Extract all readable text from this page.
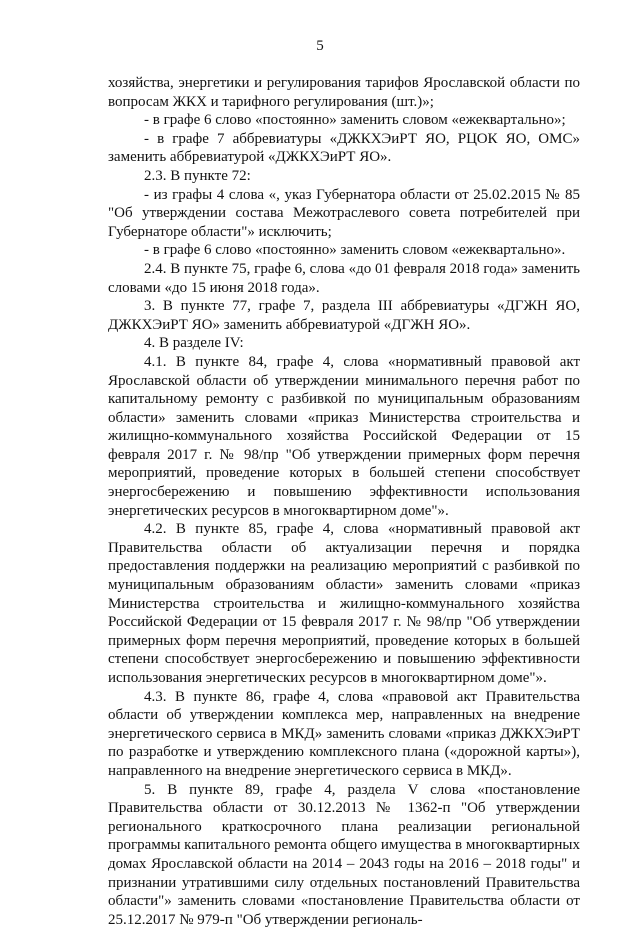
5

хозяйства, энергетики и регулирования тарифов Ярославской области по вопросам ЖКХ и тарифного регулирования (шт.)»;

- в графе 6 слово «постоянно» заменить словом «ежеквартально»;

- в графе 7 аббревиатуры «ДЖКХЭиРТ ЯО, РЦОК ЯО, ОМС» заменить аббревиатурой «ДЖКХЭиРТ ЯО».

2.3. В пункте 72:

- из графы 4 слова «, указ Губернатора области от 25.02.2015 № 85 "Об утверждении состава Межотраслевого совета потребителей при Губернаторе области"» исключить;

- в графе 6 слово «постоянно» заменить словом «ежеквартально».

2.4. В пункте 75, графе 6, слова «до 01 февраля 2018 года» заменить словами «до 15 июня 2018 года».

3. В пункте 77, графе 7, раздела III аббревиатуры «ДГЖН ЯО, ДЖКХЭиРТ ЯО» заменить аббревиатурой «ДГЖН ЯО».

4. В разделе IV:

4.1. В пункте 84, графе 4, слова «нормативный правовой акт Ярославской области об утверждении минимального перечня работ по капитальному ремонту с разбивкой по муниципальным образованиям области» заменить словами «приказ Министерства строительства и жилищно-коммунального хозяйства Российской Федерации от 15 февраля 2017 г. № 98/пр "Об утверждении примерных форм перечня мероприятий, проведение которых в большей степени способствует энергосбережению и повышению эффективности использования энергетических ресурсов в многоквартирном доме"».

4.2. В пункте 85, графе 4, слова «нормативный правовой акт Правительства области об актуализации перечня и порядка предоставления поддержки на реализацию мероприятий с разбивкой по муниципальным образованиям области» заменить словами «приказ Министерства строительства и жилищно-коммунального хозяйства Российской Федерации от 15 февраля 2017 г. № 98/пр "Об утверждении примерных форм перечня мероприятий, проведение которых в большей степени способствует энергосбережению и повышению эффективности использования энергетических ресурсов в многоквартирном доме"».

4.3. В пункте 86, графе 4, слова «правовой акт Правительства области об утверждении комплекса мер, направленных на внедрение энергетического сервиса в МКД» заменить словами «приказ ДЖКХЭиРТ по разработке и утверждению комплексного плана («дорожной карты»), направленного на внедрение энергетического сервиса в МКД».

5. В пункте 89, графе 4, раздела V слова «постановление Правительства области от 30.12.2013 № 1362-п "Об утверждении регионального краткосрочного плана реализации региональной программы капитального ремонта общего имущества в многоквартирных домах Ярославской области на 2014 – 2043 годы на 2016 – 2018 годы" и признании утратившими силу отдельных постановлений Правительства области"» заменить словами «постановление Правительства области от 25.12.2017 № 979-п "Об утверждении региональ-
